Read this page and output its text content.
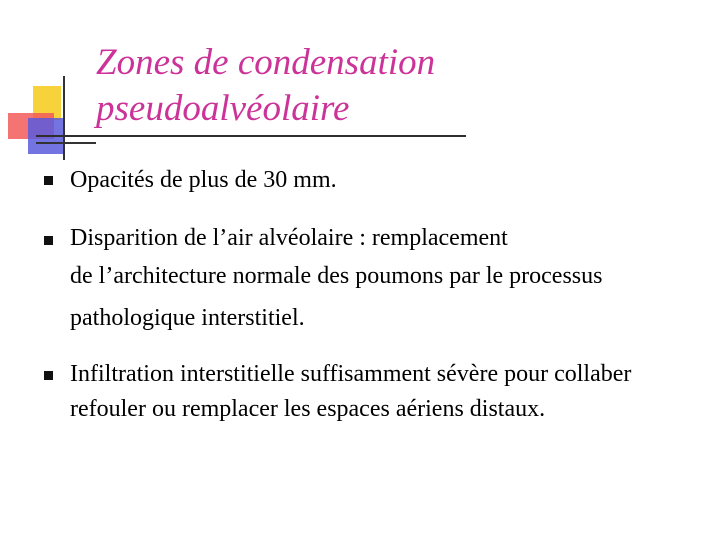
Zones de condensation
pseudoalvéolaire
Opacités de plus de 30 mm.
Disparition de l’air alvéolaire : remplacement
de l’architecture normale des poumons par le processus
pathologique interstitiel.
Infiltration interstitielle suffisamment sévère pour collaber
refouler ou remplacer les espaces aériens distaux.
